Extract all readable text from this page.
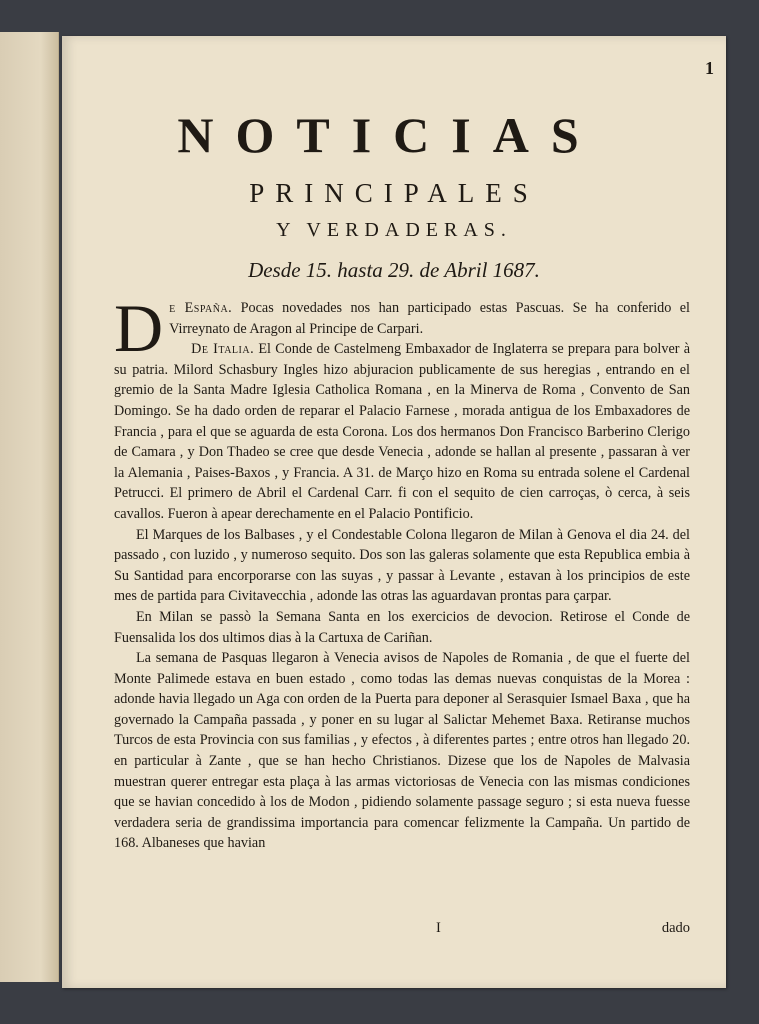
1
NOTICIAS
PRINCIPALES
Y VERDADERAS.
Desde 15. hasta 29. de Abril 1687.

De España. Pocas novedades nos han participado estas Pascuas. Se ha conferido el Virreynato de Aragon al Principe de Carpari.

De Italia. El Conde de Castelmeng Embaxador de Inglaterra se prepara para bolver à su patria. Milord Schasbury Ingles hizo abjuracion publicamente de sus heregias , entrando en el gremio de la Santa Madre Iglesia Catholica Romana , en la Minerva de Roma , Convento de San Domingo. Se ha dado orden de reparar el Palacio Farnese , morada antigua de los Embaxadores de Francia , para el que se aguarda de esta Corona. Los dos hermanos Don Francisco Barberino Clerigo de Camara , y Don Thadeo se cree que desde Venecia , adonde se hallan al presente , passaran à ver la Alemania , Paises-Baxos , y Francia. A 31. de Março hizo en Roma su entrada solene el Cardenal Petrucci. El primero de Abril el Cardenal Carr. fi con el sequito de cien carroças, ò cerca, à seis cavallos. Fueron à apear derechamente en el Palacio Pontificio.

El Marques de los Balbases , y el Condestable Colona llegaron de Milan à Genova el dia 24. del passado , con luzido , y numeroso sequito. Dos son las galeras solamente que esta Republica embia à Su Santidad para encorporarse con las suyas , y passar à Levante , estavan à los principios de este mes de partida para Civitavecchia , adonde las otras las aguardavan prontas para çarpar.

En Milan se passò la Semana Santa en los exercicios de devocion. Retirose el Conde de Fuensalida los dos ultimos dias à la Cartuxa de Cariñan.

La semana de Pasquas llegaron à Venecia avisos de Napoles de Romania , de que el fuerte del Monte Palimede estava en buen estado , como todas las demas nuevas conquistas de la Morea : adonde havia llegado un Aga con orden de la Puerta para deponer al Serasquier Ismael Baxa , que ha governado la Campaña passada , y poner en su lugar al Salictar Mehemet Baxa. Retiranse muchos Turcos de esta Provincia con sus familias , y efectos , à diferentes partes ; entre otros han llegado 20. en particular à Zante , que se han hecho Christianos. Dizese que los de Napoles de Malvasia muestran querer entregar esta plaça à las armas victoriosas de Venecia con las mismas condiciones que se havian concedido à los de Modon , pidiendo solamente passage seguro ; si esta nueva fuesse verdadera seria de grandissima importancia para comencar felizmente la Campaña. Un partido de 168. Albaneses que havian

I	dado
